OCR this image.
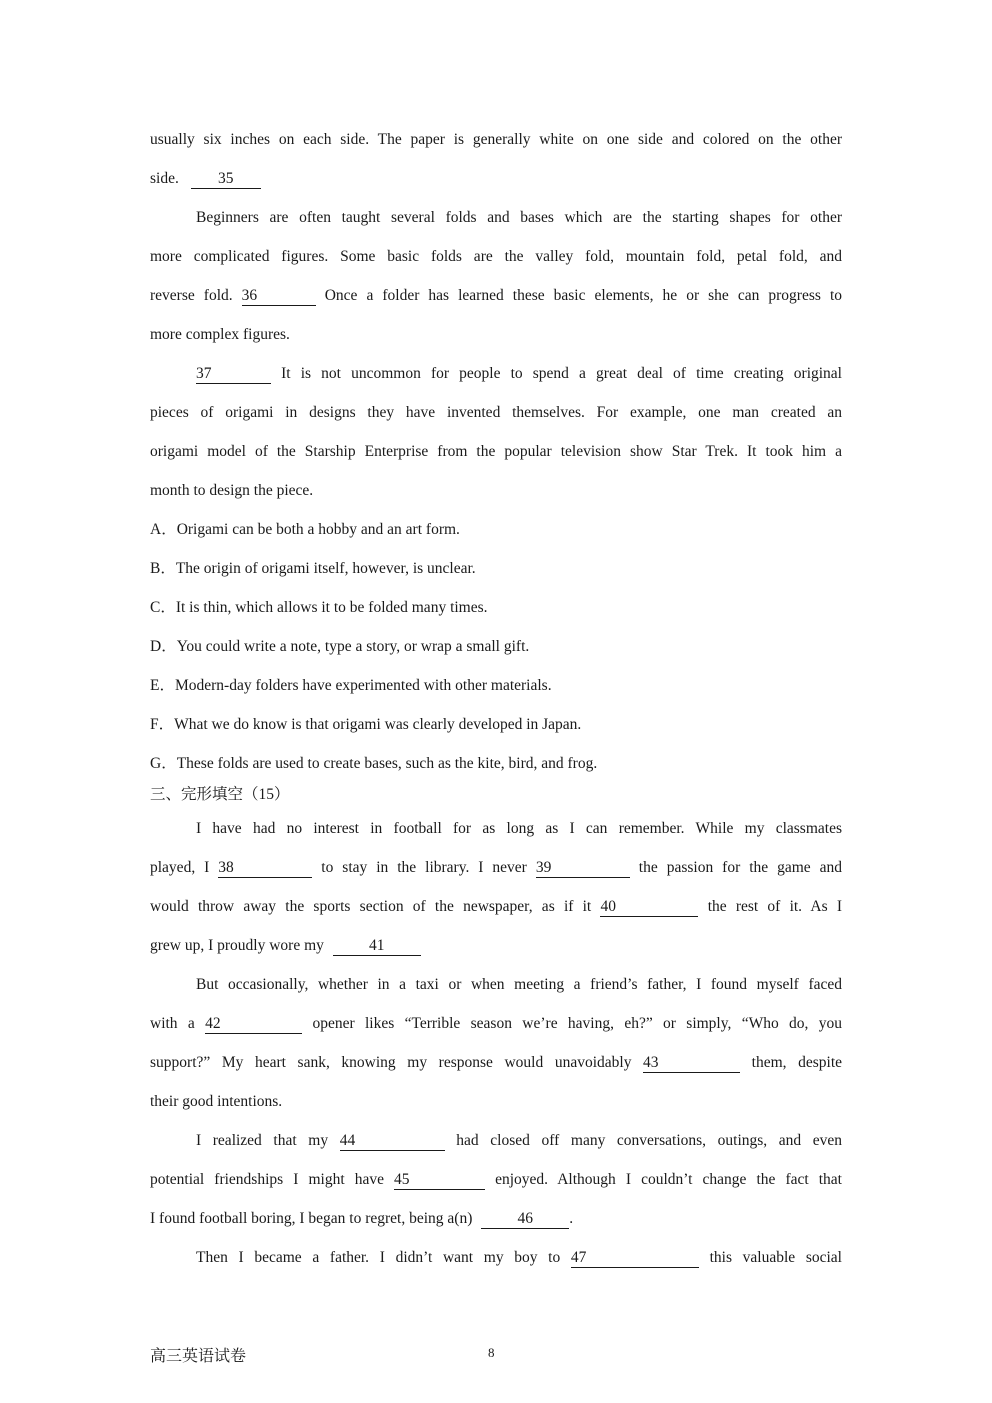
usually six inches on each side. The paper is generally white on one side and colored on the other
side.	35
Beginners are often taught several folds and bases which are the starting shapes for other
more complicated figures. Some basic folds are the valley fold, mountain fold, petal fold, and
reverse fold. 36	Once a folder has learned these basic elements, he or she can progress to
more complex figures.
37	It is not uncommon for people to spend a great deal of time creating original
pieces of origami in designs they have invented themselves. For example, one man created an
origami model of the Starship Enterprise from the popular television show Star Trek. It took him a
month to design the piece.
A．Origami can be both a hobby and an art form.
B．The origin of origami itself, however, is unclear.
C．It is thin, which allows it to be folded many times.
D．You could write a note, type a story, or wrap a small gift.
E．Modern-day folders have experimented with other materials.
F．What we do know is that origami was clearly developed in Japan.
G．These folds are used to create bases, such as the kite, bird, and frog.
三、完形填空（15）
I have had no interest in football for as long as I can remember. While my classmates
played, I 38	to stay in the library. I never 39	the passion for the game and
would throw away the sports section of the newspaper, as if it 40	the rest of it. As I
grew up, I proudly wore my	41
But occasionally, whether in a taxi or when meeting a friend’s father, I found myself faced
with a 42	opener likes “Terrible season we’re having, eh?” or simply, “Who do, you
support?” My heart sank, knowing my response would unavoidably 43	them, despite
their good intentions.
I realized that my 44	had closed off many conversations, outings, and even
potential friendships I might have 45	enjoyed. Although I couldn’t change the fact that
I found football boring, I began to regret, being a(n)	46 .
Then I became a father. I didn’t want my boy to 47	this valuable social
高三英语试卷	8
